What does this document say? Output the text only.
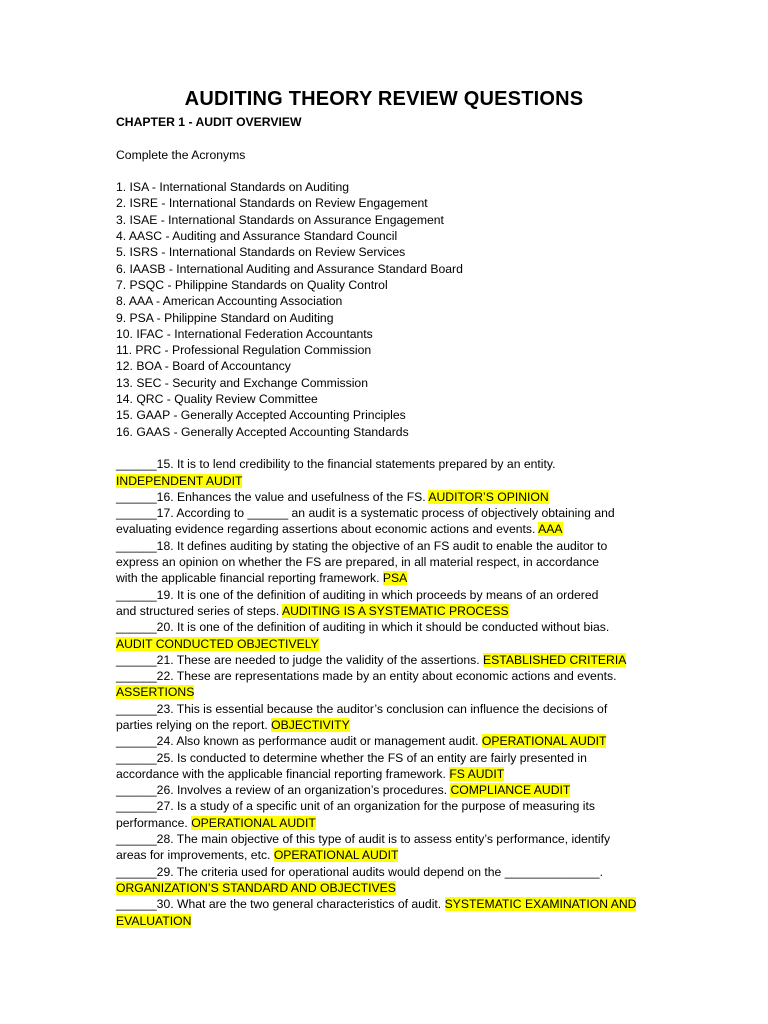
AUDITING THEORY REVIEW QUESTIONS
CHAPTER 1 - AUDIT OVERVIEW
Complete the Acronyms
1. ISA - International Standards on Auditing
2. ISRE - International Standards on Review Engagement
3. ISAE - International Standards on Assurance Engagement
4. AASC - Auditing and Assurance Standard Council
5. ISRS - International Standards on Review Services
6. IAASB - International Auditing and Assurance Standard Board
7. PSQC - Philippine Standards on Quality Control
8. AAA - American Accounting Association
9. PSA - Philippine Standard on Auditing
10. IFAC - International Federation Accountants
11. PRC - Professional Regulation Commission
12. BOA - Board of Accountancy
13. SEC - Security and Exchange Commission
14. QRC - Quality Review Committee
15. GAAP - Generally Accepted Accounting Principles
16. GAAS - Generally Accepted Accounting Standards
______15. It is to lend credibility to the financial statements prepared by an entity.
INDEPENDENT AUDIT
______16. Enhances the value and usefulness of the FS. AUDITOR’S OPINION
______17. According to ______ an audit is a systematic process of objectively obtaining and
evaluating evidence regarding assertions about economic actions and events. AAA
______18. It defines auditing by stating the objective of an FS audit to enable the auditor to
express an opinion on whether the FS are prepared, in all material respect, in accordance
with the applicable financial reporting framework. PSA
______19. It is one of the definition of auditing in which proceeds by means of an ordered
and structured series of steps. AUDITING IS A SYSTEMATIC PROCESS
______20. It is one of the definition of auditing in which it should be conducted without bias.
AUDIT CONDUCTED OBJECTIVELY
______21. These are needed to judge the validity of the assertions. ESTABLISHED CRITERIA
______22. These are representations made by an entity about economic actions and events.
ASSERTIONS
______23. This is essential because the auditor’s conclusion can influence the decisions of
parties relying on the report. OBJECTIVITY
______24. Also known as performance audit or management audit. OPERATIONAL AUDIT
______25. Is conducted to determine whether the FS of an entity are fairly presented in
accordance with the applicable financial reporting framework. FS AUDIT
______26. Involves a review of an organization’s procedures. COMPLIANCE AUDIT
______27. Is a study of a specific unit of an organization for the purpose of measuring its
performance. OPERATIONAL AUDIT
______28. The main objective of this type of audit is to assess entity’s performance, identify
areas for improvements, etc. OPERATIONAL AUDIT
______29. The criteria used for operational audits would depend on the ______________.
ORGANIZATION’S STANDARD AND OBJECTIVES
______30. What are the two general characteristics of audit. SYSTEMATIC EXAMINATION AND
EVALUATION
